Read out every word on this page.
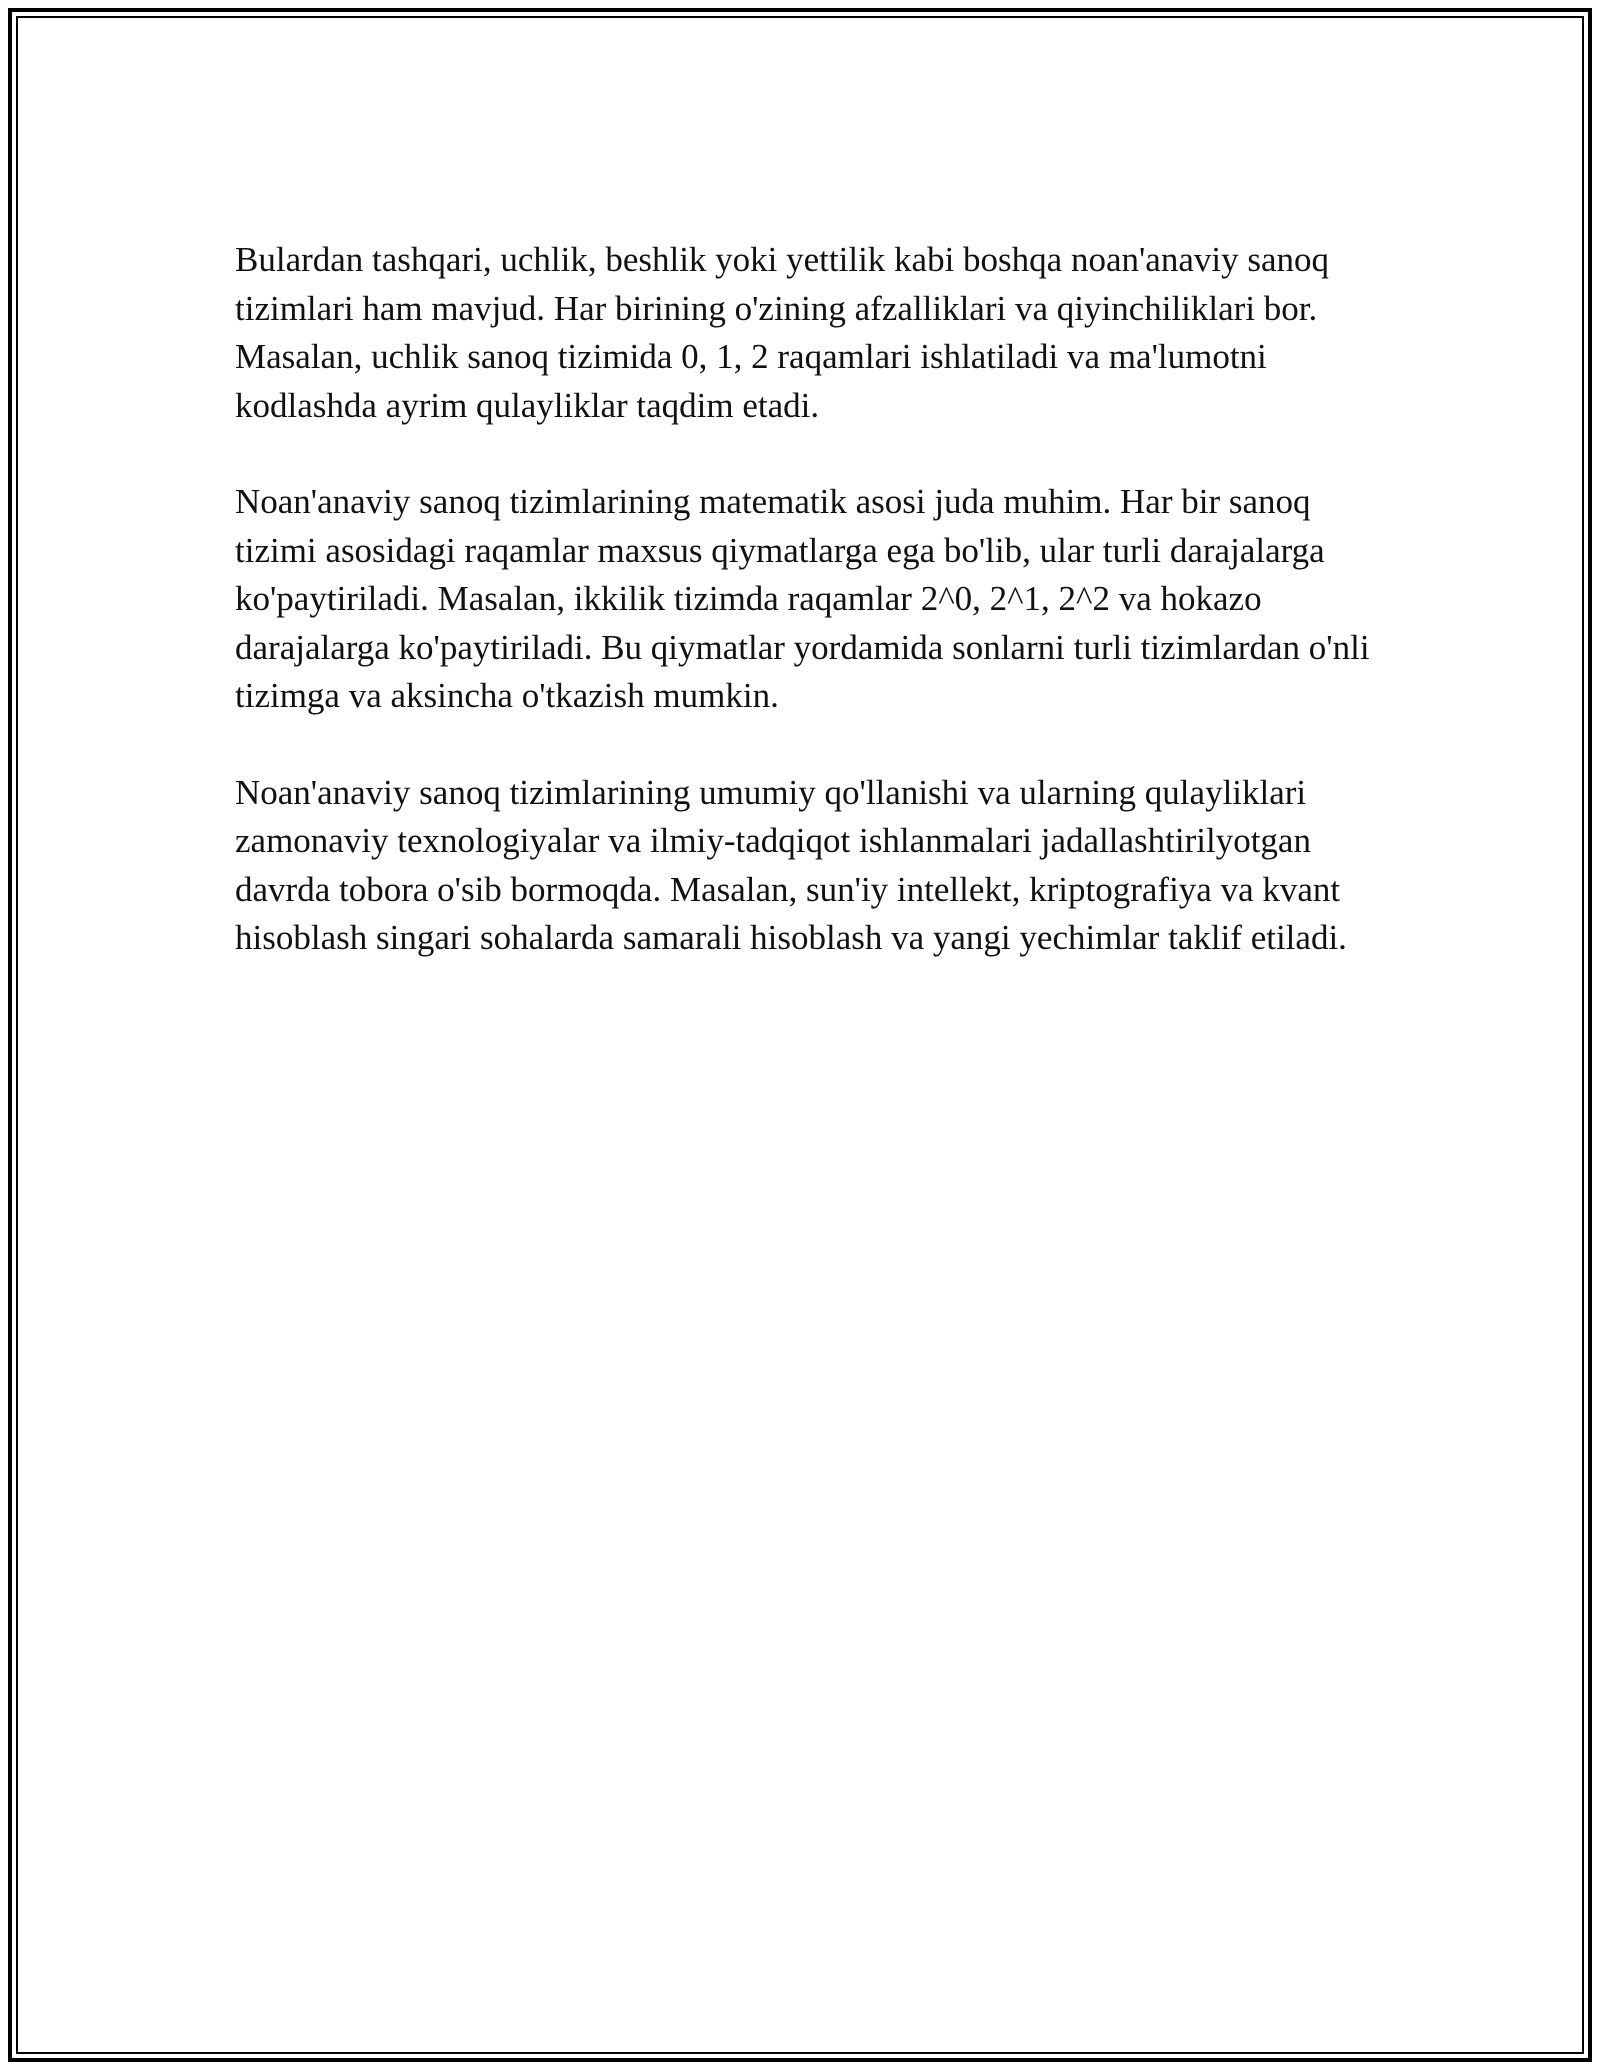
Bulardan tashqari, uchlik, beshlik yoki yettilik kabi boshqa noan'anaviy sanoq tizimlari ham mavjud. Har birining o'zining afzalliklari va qiyinchiliklari bor. Masalan, uchlik sanoq tizimida 0, 1, 2 raqamlari ishlatiladi va ma'lumotni kodlashda ayrim qulayliklar taqdim etadi.

Noan'anaviy sanoq tizimlarining matematik asosi juda muhim. Har bir sanoq tizimi asosidagi raqamlar maxsus qiymatlarga ega bo'lib, ular turli darajalarga ko'paytiriladi. Masalan, ikkilik tizimda raqamlar 2^0, 2^1, 2^2 va hokazo darajalarga ko'paytiriladi. Bu qiymatlar yordamida sonlarni turli tizimlardan o'nli tizimga va aksincha o'tkazish mumkin.

Noan'anaviy sanoq tizimlarining umumiy qo'llanishi va ularning qulayliklari zamonaviy texnologiyalar va ilmiy-tadqiqot ishlanmalari jadallashtirilyotgan davrda tobora o'sib bormoqda. Masalan, sun'iy intellekt, kriptografiya va kvant hisoblash singari sohalarda samarali hisoblash va yangi yechimlar taklif etiladi.
